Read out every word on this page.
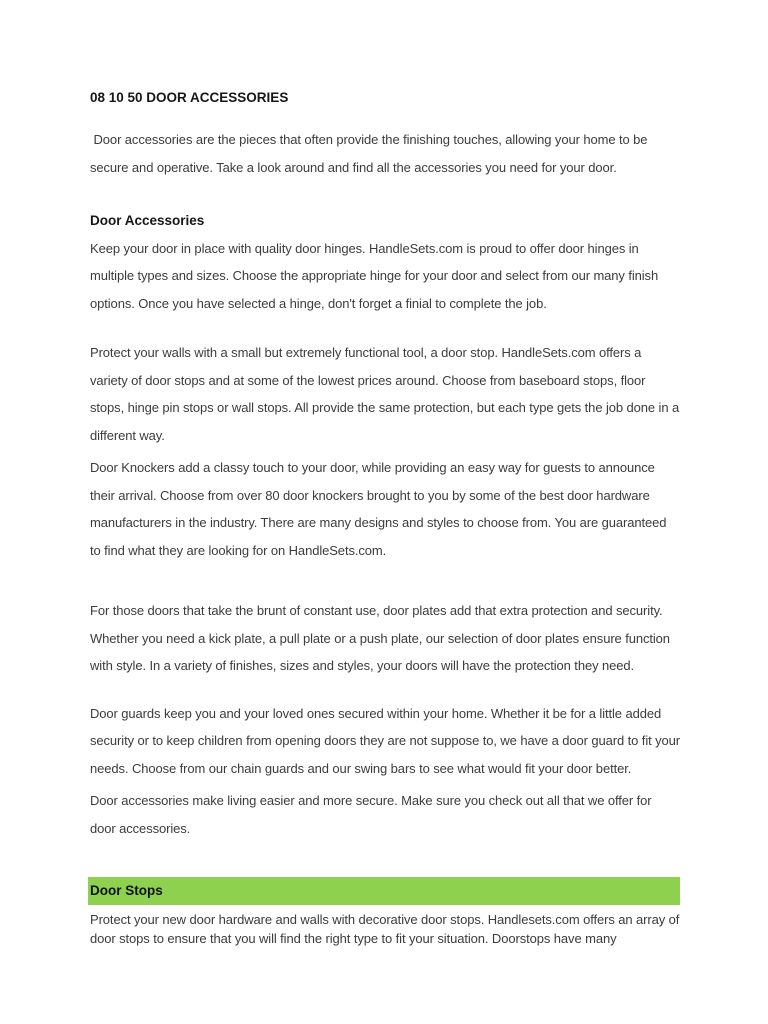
08 10 50 DOOR ACCESSORIES

Door accessories are the pieces that often provide the finishing touches, allowing your home to be secure and operative. Take a look around and find all the accessories you need for your door.

Door Accessories

Keep your door in place with quality door hinges. HandleSets.com is proud to offer door hinges in multiple types and sizes. Choose the appropriate hinge for your door and select from our many finish options. Once you have selected a hinge, don't forget a finial to complete the job.

Protect your walls with a small but extremely functional tool, a door stop. HandleSets.com offers a variety of door stops and at some of the lowest prices around. Choose from baseboard stops, floor stops, hinge pin stops or wall stops. All provide the same protection, but each type gets the job done in a different way.

Door Knockers add a classy touch to your door, while providing an easy way for guests to announce their arrival. Choose from over 80 door knockers brought to you by some of the best door hardware manufacturers in the industry. There are many designs and styles to choose from. You are guaranteed to find what they are looking for on HandleSets.com.

For those doors that take the brunt of constant use, door plates add that extra protection and security. Whether you need a kick plate, a pull plate or a push plate, our selection of door plates ensure function with style. In a variety of finishes, sizes and styles, your doors will have the protection they need.

Door guards keep you and your loved ones secured within your home. Whether it be for a little added security or to keep children from opening doors they are not suppose to, we have a door guard to fit your needs. Choose from our chain guards and our swing bars to see what would fit your door better.

Door accessories make living easier and more secure. Make sure you check out all that we offer for door accessories.

Door Stops

Protect your new door hardware and walls with decorative door stops. Handlesets.com offers an array of door stops to ensure that you will find the right type to fit your situation. Doorstops have many
